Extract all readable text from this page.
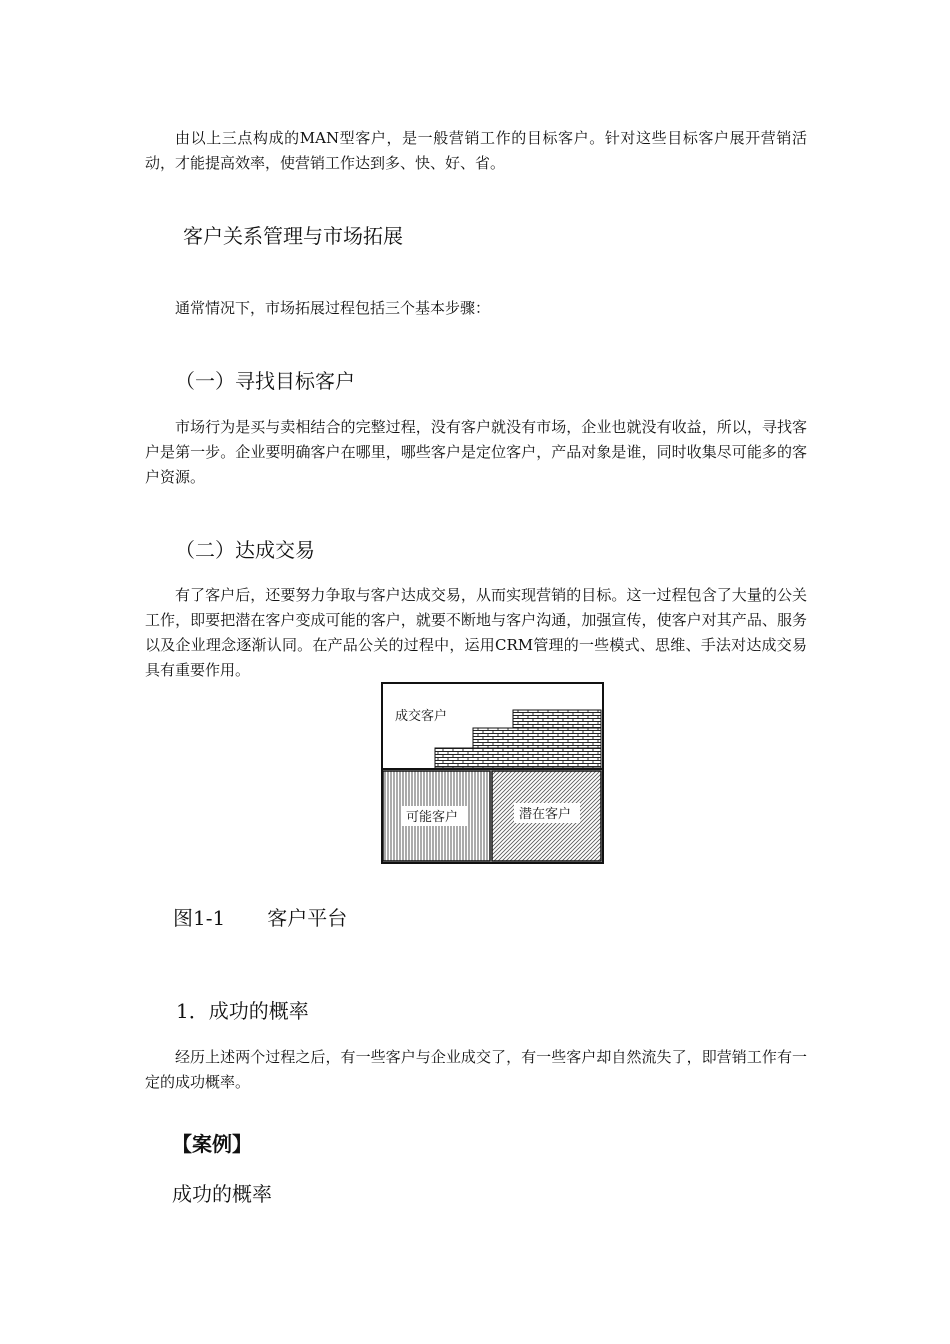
由以上三点构成的MAN型客户，是一般营销工作的目标客户。针对这些目标客户展开营销活动，才能提高效率，使营销工作达到多、快、好、省。

客户关系管理与市场拓展

通常情况下，市场拓展过程包括三个基本步骤：

（一）寻找目标客户

市场行为是买与卖相结合的完整过程，没有客户就没有市场，企业也就没有收益，所以，寻找客户是第一步。企业要明确客户在哪里，哪些客户是定位客户，产品对象是谁，同时收集尽可能多的客户资源。

（二）达成交易

有了客户后，还要努力争取与客户达成交易，从而实现营销的目标。这一过程包含了大量的公关工作，即要把潜在客户变成可能的客户，就要不断地与客户沟通，加强宣传，使客户对其产品、服务以及企业理念逐渐认同。在产品公关的过程中，运用CRM管理的一些模式、思维、手法对达成交易具有重要作用。

成交客户
可能客户	潜在客户

图1-1 客户平台

1．成功的概率

经历上述两个过程之后，有一些客户与企业成交了，有一些客户却自然流失了，即营销工作有一定的成功概率。

【案例】
成功的概率
